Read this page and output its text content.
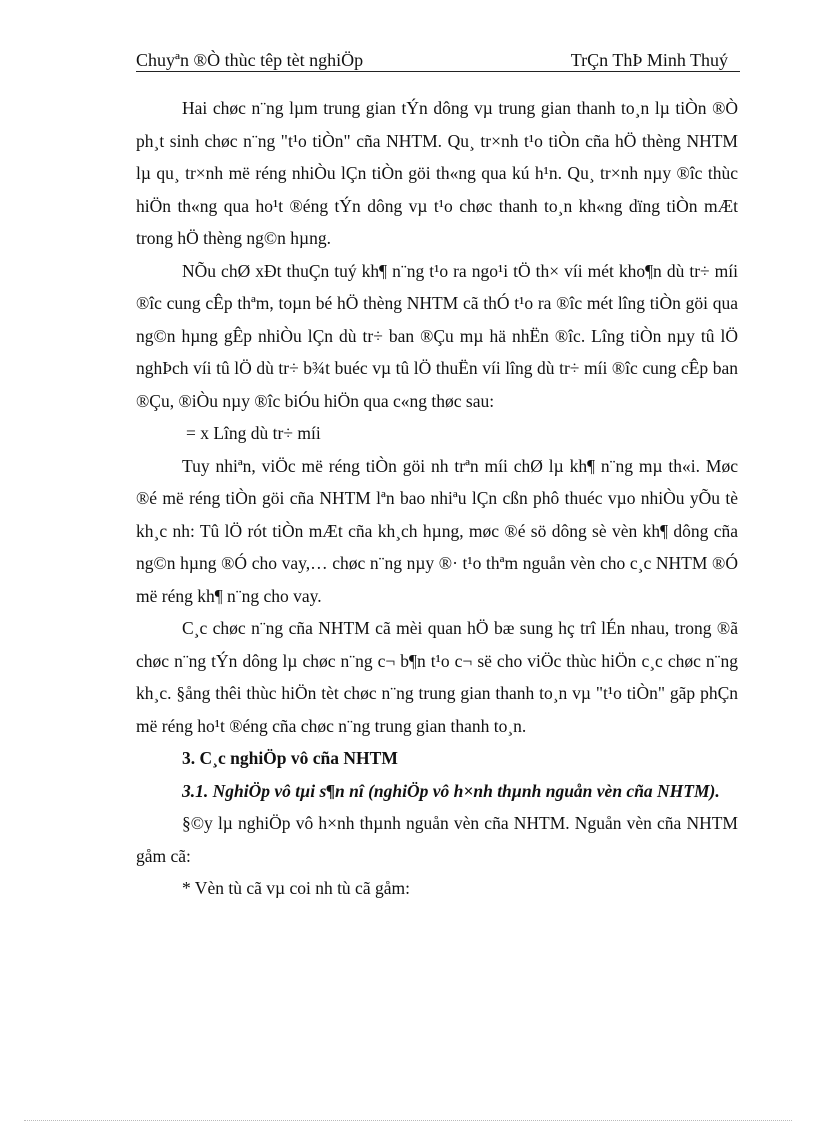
Chuyªn ®Ò thùc têp tèt nghiÖp	TrÇn ThÞ Minh Thuý

Hai chøc n¨ng lµm trung gian tÝn dông vµ trung gian thanh to¸n lµ tiÒn ®Ò ph¸t sinh chøc n¨ng "t¹o tiÒn" cña NHTM. Qu¸ tr×nh t¹o tiÒn cña hÖ thèng NHTM lµ qu¸ tr×nh më réng nhiÒu lÇn tiÒn göi th«ng qua kú h¹n. Qu¸ tr×nh nµy ®îc thùc hiÖn th«ng qua ho¹t ®éng tÝn dông vµ t¹o chøc thanh to¸n kh«ng dïng tiÒn mÆt trong hÖ thèng ng©n hµng.

NÕu chØ xÐt thuÇn tuý kh¶ n¨ng t¹o ra ngo¹i tÖ th× víi mét kho¶n dù tr÷ míi ®îc cung cÊp thªm, toµn bé hÖ thèng NHTM cã thÓ t¹o ra ®îc mét lîng tiÒn göi qua ng©n hµng gÊp nhiÒu lÇn dù tr÷ ban ®Çu mµ hä nhËn ®îc. Lîng tiÒn nµy tû lÖ nghÞch víi tû lÖ dù tr÷ b¾t buéc vµ tû lÖ thuËn víi lîng dù tr÷ míi ®îc cung cÊp ban ®Çu, ®iÒu nµy ®îc biÓu hiÖn qua c«ng thøc sau:

= x Lîng dù tr÷ míi

Tuy nhiªn, viÖc më réng tiÒn göi nh trªn míi chØ lµ kh¶ n¨ng mµ th«i. Møc ®é më réng tiÒn göi cña NHTM lªn bao nhiªu lÇn cßn phô thuéc vµo nhiÒu yÕu tè kh¸c nh: Tû lÖ rót tiÒn mÆt cña kh¸ch hµng, møc ®é sö dông sè vèn kh¶ dông cña ng©n hµng ®Ó cho vay,… chøc n¨ng nµy ®· t¹o thªm nguån vèn cho c¸c NHTM ®Ó më réng kh¶ n¨ng cho vay.

C¸c chøc n¨ng cña NHTM cã mèi quan hÖ bæ sung hç trî lÉn nhau, trong ®ã chøc n¨ng tÝn dông lµ chøc n¨ng c¬ b¶n t¹o c¬ së cho viÖc thùc hiÖn c¸c chøc n¨ng kh¸c. §ång thêi thùc hiÖn tèt chøc n¨ng trung gian thanh to¸n vµ "t¹o tiÒn" gãp phÇn më réng ho¹t ®éng cña chøc n¨ng trung gian thanh to¸n.

3. C¸c nghiÖp vô cña NHTM

3.1. NghiÖp vô tµi s¶n nî (nghiÖp vô h×nh thµnh nguån vèn cña NHTM).

§©y lµ nghiÖp vô h×nh thµnh nguån vèn cña NHTM. Nguån vèn cña NHTM gåm cã:

* Vèn tù cã vµ coi nh tù cã gåm:
